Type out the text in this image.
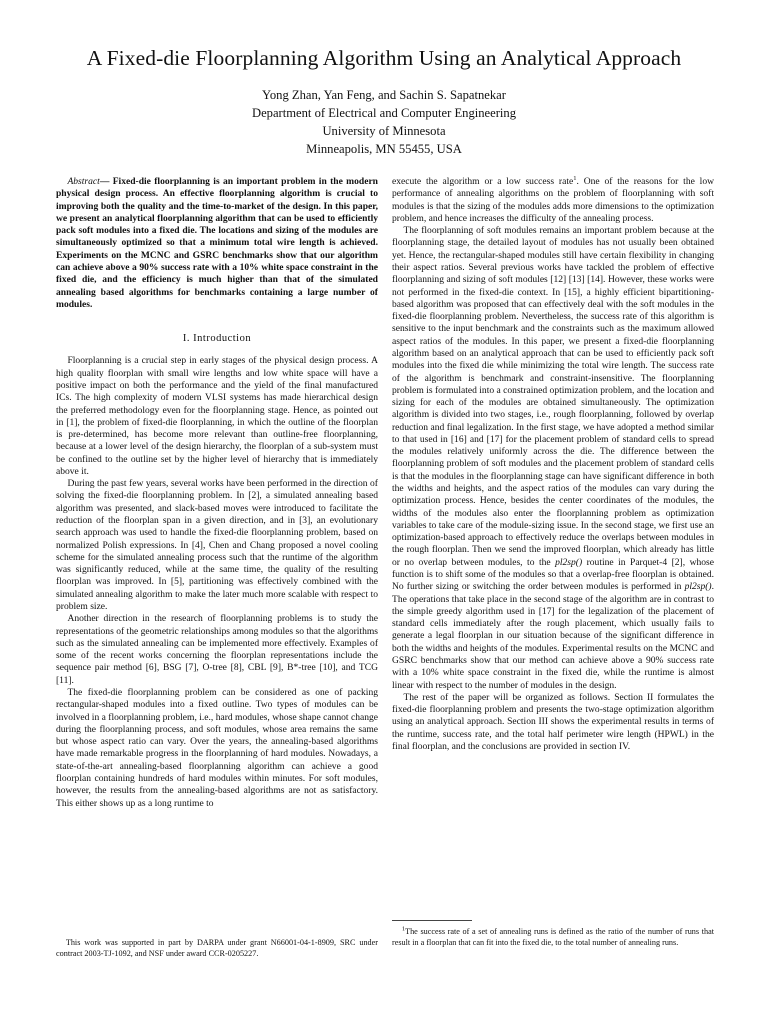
A Fixed-die Floorplanning Algorithm Using an Analytical Approach
Yong Zhan, Yan Feng, and Sachin S. Sapatnekar
Department of Electrical and Computer Engineering
University of Minnesota
Minneapolis, MN 55455, USA

Abstract— Fixed-die floorplanning is an important problem in the modern physical design process. An effective floorplanning algorithm is crucial to improving both the quality and the time-to-market of the design. In this paper, we present an analytical floorplanning algorithm that can be used to efficiently pack soft modules into a fixed die. The locations and sizing of the modules are simultaneously optimized so that a minimum total wire length is achieved. Experiments on the MCNC and GSRC benchmarks show that our algorithm can achieve above a 90% success rate with a 10% white space constraint in the fixed die, and the efficiency is much higher than that of the simulated annealing based algorithms for benchmarks containing a large number of modules.

I. Introduction

Floorplanning is a crucial step in early stages of the physical design process. A high quality floorplan with small wire lengths and low white space will have a positive impact on both the performance and the yield of the final manufactured ICs. The high complexity of modern VLSI systems has made hierarchical design the preferred methodology even for the floorplanning stage. Hence, as pointed out in [1], the problem of fixed-die floorplanning, in which the outline of the floorplan is pre-determined, has become more relevant than outline-free floorplanning, because at a lower level of the design hierarchy, the floorplan of a sub-system must be confined to the outline set by the higher level of hierarchy that is immediately above it.

During the past few years, several works have been performed in the direction of solving the fixed-die floorplanning problem. In [2], a simulated annealing based algorithm was presented, and slack-based moves were introduced to facilitate the reduction of the floorplan span in a given direction, and in [3], an evolutionary search approach was used to handle the fixed-die floorplanning problem, based on normalized Polish expressions. In [4], Chen and Chang proposed a novel cooling scheme for the simulated annealing process such that the runtime of the algorithm was significantly reduced, while at the same time, the quality of the resulting floorplan was improved. In [5], partitioning was effectively combined with the simulated annealing algorithm to make the later much more scalable with respect to problem size.

Another direction in the research of floorplanning problems is to study the representations of the geometric relationships among modules so that the algorithms such as the simulated annealing can be implemented more effectively. Examples of some of the recent works concerning the floorplan representations include the sequence pair method [6], BSG [7], O-tree [8], CBL [9], B*-tree [10], and TCG [11].

The fixed-die floorplanning problem can be considered as one of packing rectangular-shaped modules into a fixed outline. Two types of modules can be involved in a floorplanning problem, i.e., hard modules, whose shape cannot change during the floorplanning process, and soft modules, whose area remains the same but whose aspect ratio can vary. Over the years, the annealing-based algorithms have made remarkable progress in the floorplanning of hard modules. Nowadays, a state-of-the-art annealing-based floorplanning algorithm can achieve a good floorplan containing hundreds of hard modules within minutes. For soft modules, however, the results from the annealing-based algorithms are not as satisfactory. This either shows up as a long runtime to

This work was supported in part by DARPA under grant N66001-04-1-8909, SRC under contract 2003-TJ-1092, and NSF under award CCR-0205227.

execute the algorithm or a low success rate$^1$. One of the reasons for the low performance of annealing algorithms on the problem of floorplanning with soft modules is that the sizing of the modules adds more dimensions to the optimization problem, and hence increases the difficulty of the annealing process.

The floorplanning of soft modules remains an important problem because at the floorplanning stage, the detailed layout of modules has not usually been obtained yet. Hence, the rectangular-shaped modules still have certain flexibility in changing their aspect ratios. Several previous works have tackled the problem of effective floorplanning and sizing of soft modules [12] [13] [14]. However, these works were not performed in the fixed-die context. In [15], a highly efficient bipartitioning-based algorithm was proposed that can effectively deal with the soft modules in the fixed-die floorplanning problem. Nevertheless, the success rate of this algorithm is sensitive to the input benchmark and the constraints such as the maximum allowed aspect ratios of the modules. In this paper, we present a fixed-die floorplanning algorithm based on an analytical approach that can be used to efficiently pack soft modules into the fixed die while minimizing the total wire length. The success rate of the algorithm is benchmark and constraint-insensitive. The floorplanning problem is formulated into a constrained optimization problem, and the location and sizing for each of the modules are obtained simultaneously. The optimization algorithm is divided into two stages, i.e., rough floorplanning, followed by overlap reduction and final legalization. In the first stage, we have adopted a method similar to that used in [16] and [17] for the placement problem of standard cells to spread the modules relatively uniformly across the die. The difference between the floorplanning problem of soft modules and the placement problem of standard cells is that the modules in the floorplanning stage can have significant difference in both the widths and heights, and the aspect ratios of the modules can vary during the optimization process. Hence, besides the center coordinates of the modules, the widths of the modules also enter the floorplanning problem as optimization variables to take care of the module-sizing issue. In the second stage, we first use an optimization-based approach to effectively reduce the overlaps between modules in the rough floorplan. Then we send the improved floorplan, which already has little or no overlap between modules, to the pl2sp() routine in Parquet-4 [2], whose function is to shift some of the modules so that a overlap-free floorplan is obtained. No further sizing or switching the order between modules is performed in pl2sp(). The operations that take place in the second stage of the algorithm are in contrast to the simple greedy algorithm used in [17] for the legalization of the placement of standard cells immediately after the rough placement, which usually fails to generate a legal floorplan in our situation because of the significant difference in both the widths and heights of the modules. Experimental results on the MCNC and GSRC benchmarks show that our method can achieve above a 90% success rate with a 10% white space constraint in the fixed die, while the runtime is almost linear with respect to the number of modules in the design.

The rest of the paper will be organized as follows. Section II formulates the fixed-die floorplanning problem and presents the two-stage optimization algorithm using an analytical approach. Section III shows the experimental results in terms of the runtime, success rate, and the total half perimeter wire length (HPWL) in the final floorplan, and the conclusions are provided in section IV.

$^1$The success rate of a set of annealing runs is defined as the ratio of the number of runs that result in a floorplan that can fit into the fixed die, to the total number of annealing runs.
